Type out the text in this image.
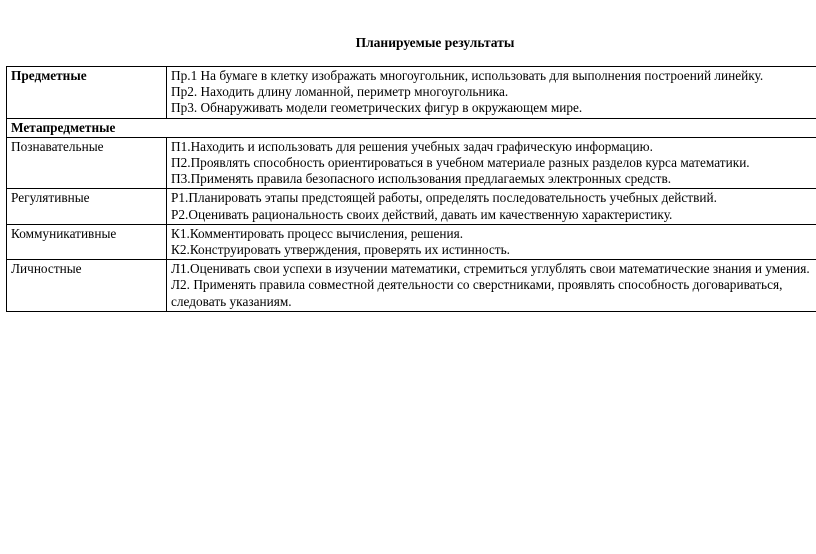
Планируемые результаты
Предметные	Пр.1 На бумаге в клетку изображать многоугольник, использовать для выполнения построений линейку.
Пр2. Находить длину ломанной, периметр многоугольника.
Пр3. Обнаруживать модели геометрических фигур в окружающем мире.

Метапредметные	
Познавательные	П1.Находить и использовать для решения учебных задач графическую информацию.
П2.Проявлять способность ориентироваться в учебном материале разных разделов курса математики.
П3.Применять правила безопасного использования предлагаемых электронных средств.

Регулятивные	Р1.Планировать этапы предстоящей работы, определять последовательность учебных действий.
Р2.Оценивать рациональность своих действий, давать им качественную характеристику.

Коммуникативные	К1.Комментировать процесс вычисления, решения.
К2.Конструировать утверждения, проверять их истинность.

Личностные	Л1.Оценивать свои успехи в изучении математики, стремиться углублять свои математические знания и умения.
Л2. Применять правила совместной деятельности со сверстниками, проявлять способность договариваться, следовать указаниям.
